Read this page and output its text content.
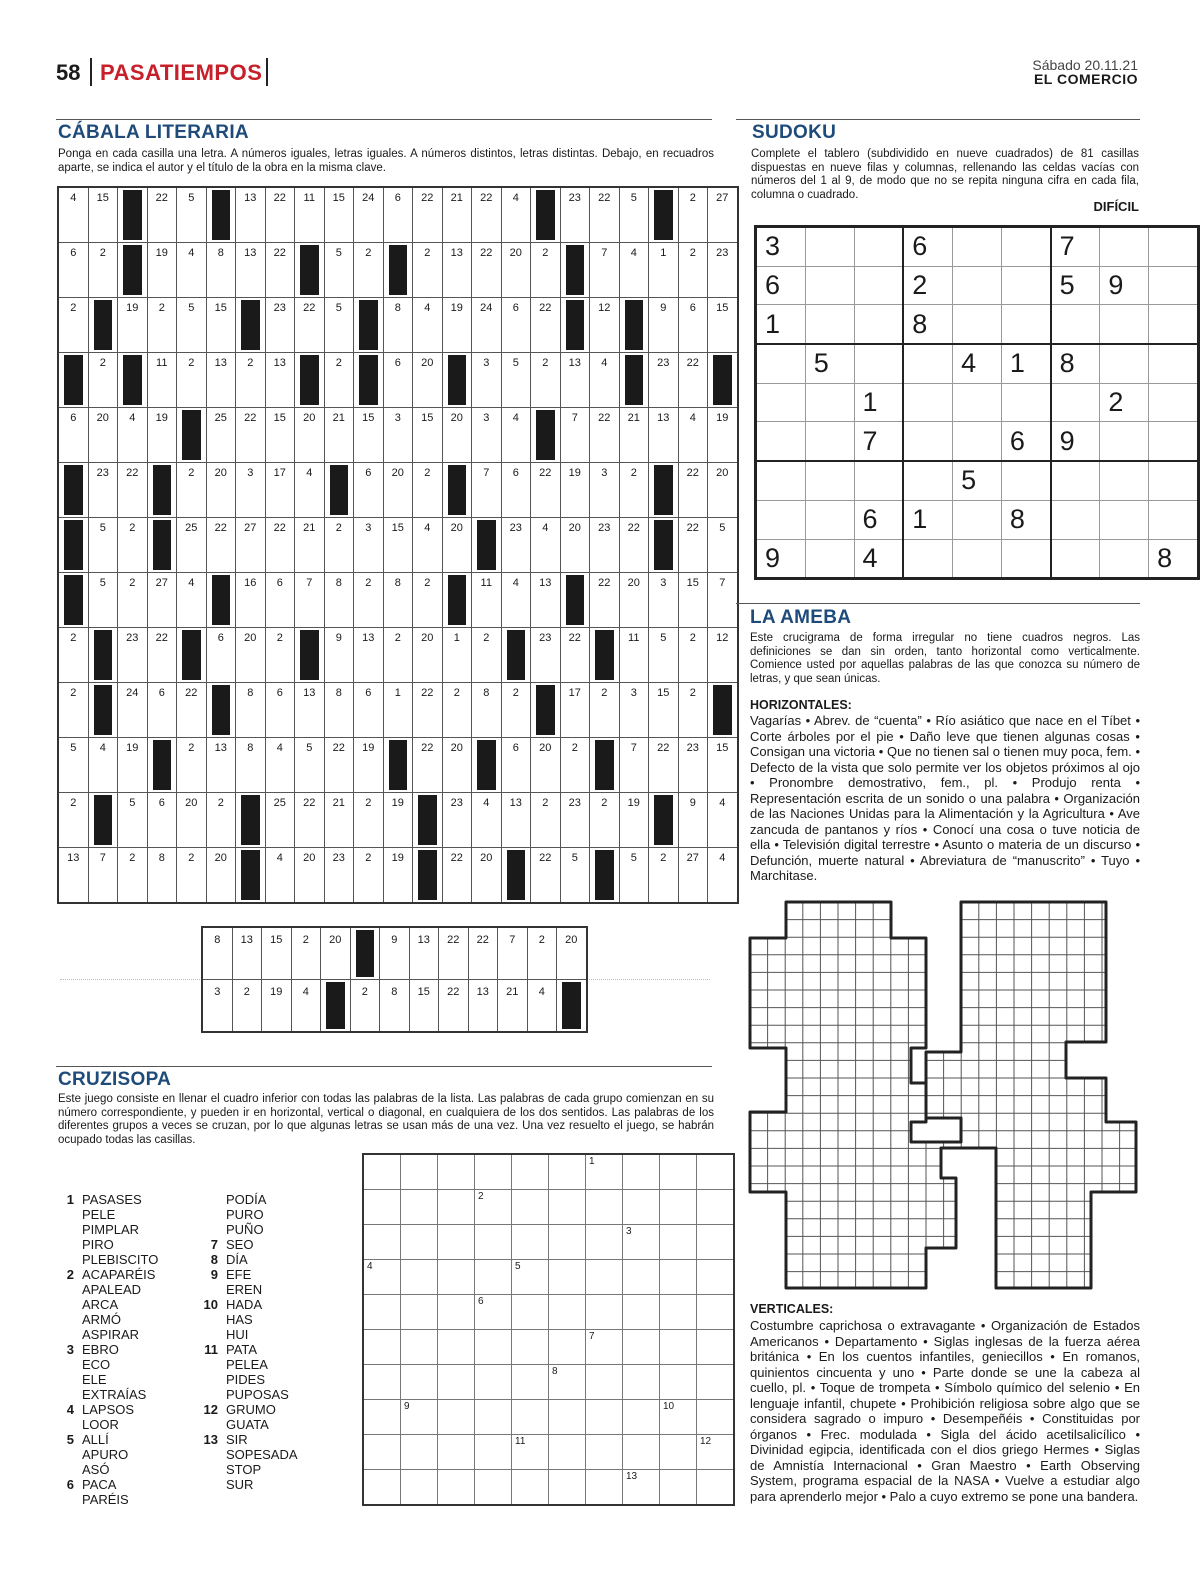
58 PASATIEMPOS	Sábado 20.11.21
EL COMERCIO
CÁBALA LITERARIA
Ponga en cada casilla una letra. A números iguales, letras iguales. A números distintos, letras distintas. Debajo, en recuadros aparte, se indica el autor y el título de la obra en la misma clave.
4	15		22	5		13	22	11	15	24	6	22	21	22	4		23	22	5		2	27

6	2		19	4	8	13	22		5	2		2	13	22	20	2		7	4	1	2	23

2		19	2	5	15		23	22	5		8	4	19	24	6	22		12		9	6	15

	2		11	2	13	2	13		2		6	20		3	5	2	13	4		23	22	

6	20	4	19		25	22	15	20	21	15	3	15	20	3	4		7	22	21	13	4	19

	23	22		2	20	3	17	4		6	20	2		7	6	22	19	3	2		22	20

	5	2		25	22	27	22	21	2	3	15	4	20		23	4	20	23	22		22	5

	5	2	27	4		16	6	7	8	2	8	2		11	4	13		22	20	3	15	7

2		23	22		6	20	2		9	13	2	20	1	2		23	22		11	5	2	12

2		24	6	22		8	6	13	8	6	1	22	2	8	2		17	2	3	15	2	

5	4	19		2	13	8	4	5	22	19		22	20		6	20	2		7	22	23	15

2		5	6	20	2		25	22	21	2	19		23	4	13	2	23	2	19		9	4

13	7	2	8	2	20		4	20	23	2	19		22	20		22	5		5	2	27	4
8	13	15	2	20		9	13	22	22	7	2	20

3	2	19	4		2	8	15	22	13	21	4	

SUDOKU
Complete el tablero (subdividido en nueve cuadrados) de 81 casillas dispuestas en nueve filas y columnas, rellenando las celdas vacías con números del 1 al 9, de modo que no se repita ninguna cifra en cada fila, columna o cuadrado.
DIFÍCIL
3			6			7		
6			2			5	9	
1			8					
	5			4	1	8		
		1					2	
		7			6	9		
				5				
		6	1		8			
9		4						8
LA AMEBA
Este crucigrama de forma irregular no tiene cuadros negros. Las definiciones se dan sin orden, tanto horizontal como verticalmente. Comience usted por aquellas palabras de las que conozca su número de letras, y que sean únicas.
HORIZONTALES:
Vagarías • Abrev. de “cuenta” • Río asiático que nace en el Tíbet • Corte árboles por el pie • Daño leve que tienen algunas cosas • Consigan una victoria • Que no tienen sal o tienen muy poca, fem. • Defecto de la vista que solo permite ver los objetos próximos al ojo • Pronombre demostrativo, fem., pl. • Produjo renta • Representación escrita de un sonido o una palabra • Organización de las Naciones Unidas para la Alimentación y la Agricultura • Ave zancuda de pantanos y ríos • Conocí una cosa o tuve noticia de ella • Televisión digital terrestre • Asunto o materia de un discurso • Defunción, muerte natural • Abreviatura de “manuscrito” • Tuyo • Marchitase.
VERTICALES:
Costumbre caprichosa o extravagante • Organización de Estados Americanos • Departamento • Siglas inglesas de la fuerza aérea británica • En los cuentos infantiles, geniecillos • En romanos, quinientos cincuenta y uno • Parte donde se une la cabeza al cuello, pl. • Toque de trompeta • Símbolo químico del selenio • En lenguaje infantil, chupete • Prohibición religiosa sobre algo que se considera sagrado o impuro • Desempeñéis • Constituidas por órganos • Frec. modulada • Sigla del ácido acetilsalicílico • Divinidad egipcia, identificada con el dios griego Hermes • Siglas de Amnistía Internacional • Gran Maestro • Earth Observing System, programa espacial de la NASA • Vuelve a estudiar algo para aprenderlo mejor • Palo a cuyo extremo se pone una bandera.
CRUZISOPA
Este juego consiste en llenar el cuadro inferior con todas las palabras de la lista. Las palabras de cada grupo comienzan en su número correspondiente, y pueden ir en horizontal, vertical o diagonal, en cualquiera de los dos sentidos. Las palabras de los diferentes grupos a veces se cruzan, por lo que algunas letras se usan más de una vez. Una vez resuelto el juego, se habrán ocupado todas las casillas.
1 PASASES
PELE
PIMPLAR
PIRO
PLEBISCITO
2 ACAPARÉIS
APALEAD
ARCA
ARMÓ
ASPIRAR
3 EBRO
ECO
ELE
EXTRAÍAS
4 LAPSOS
LOOR
5 ALLÍ
APURO
ASÓ
6 PACA
PARÉIS
PODÍA
PURO
PUÑO
7 SEO
8 DÍA
9 EFE
EREN
10 HADA
HAS
HUI
11 PATA
PELEA
PIDES
PUPOSAS
12 GRUMO
GUATA
13 SIR
SOPESADA
STOP
SUR
						1			
			2						
							3		
4				5					
			6						
						7			
					8				
	9							10	
				11					12
							13		
